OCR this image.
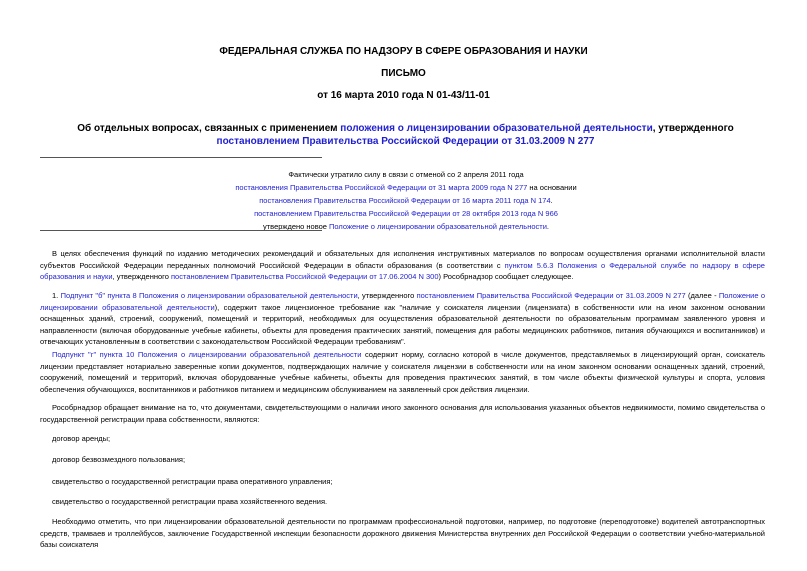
ФЕДЕРАЛЬНАЯ СЛУЖБА ПО НАДЗОРУ В СФЕРЕ ОБРАЗОВАНИЯ И НАУКИ
ПИСЬМО
от 16 марта 2010 года N 01-43/11-01
Об отдельных вопросах, связанных с применением положения о лицензировании образовательной деятельности, утвержденного постановлением Правительства Российской Федерации от 31.03.2009 N 277
Фактически утратило силу в связи с отменой со 2 апреля 2011 года
постановления Правительства Российской Федерации от 31 марта 2009 года N 277 на основании
постановления Правительства Российской Федерации от 16 марта 2011 года N 174.
постановлением Правительства Российской Федерации от 28 октября 2013 года N 966
утверждено новое Положение о лицензировании образовательной деятельности.
В целях обеспечения функций по изданию методических рекомендаций и обязательных для исполнения инструктивных материалов по вопросам осуществления органами исполнительной власти субъектов Российской Федерации переданных полномочий Российской Федерации в области образования (в соответствии с пунктом 5.6.3 Положения о Федеральной службе по надзору в сфере образования и науки, утвержденного постановлением Правительства Российской Федерации от 17.06.2004 N 300) Рособрнадзор сообщает следующее.
1. Подпункт "б" пункта 8 Положения о лицензировании образовательной деятельности, утвержденного постановлением Правительства Российской Федерации от 31.03.2009 N 277 (далее - Положение о лицензировании образовательной деятельности), содержит такое лицензионное требование как "наличие у соискателя лицензии (лицензиата) в собственности или на ином законном основании оснащенных зданий, строений, сооружений, помещений и территорий, необходимых для осуществления образовательной деятельности по образовательным программам заявленного уровня и направленности (включая оборудованные учебные кабинеты, объекты для проведения практических занятий, помещения для работы медицинских работников, питания обучающихся и воспитанников) и отвечающих установленным в соответствии с законодательством Российской Федерации требованиям".
Подпункт "г" пункта 10 Положения о лицензировании образовательной деятельности содержит норму, согласно которой в числе документов, представляемых в лицензирующий орган, соискатель лицензии представляет нотариально заверенные копии документов, подтверждающих наличие у соискателя лицензии в собственности или на ином законном основании оснащенных зданий, строений, сооружений, помещений и территорий, включая оборудованные учебные кабинеты, объекты для проведения практических занятий, в том числе объекты физической культуры и спорта, условия обеспечения обучающихся, воспитанников и работников питанием и медицинским обслуживанием на заявленный срок действия лицензии.
Рособрнадзор обращает внимание на то, что документами, свидетельствующими о наличии иного законного основания для использования указанных объектов недвижимости, помимо свидетельства о государственной регистрации права собственности, являются:
договор аренды;
договор безвозмездного пользования;
свидетельство о государственной регистрации права оперативного управления;
свидетельство о государственной регистрации права хозяйственного ведения.
Необходимо отметить, что при лицензировании образовательной деятельности по программам профессиональной подготовки, например, по подготовке (переподготовке) водителей автотранспортных средств, трамваев и троллейбусов, заключение Государственной инспекции безопасности дорожного движения Министерства внутренних дел Российской Федерации о соответствии учебно-материальной базы соискателя
